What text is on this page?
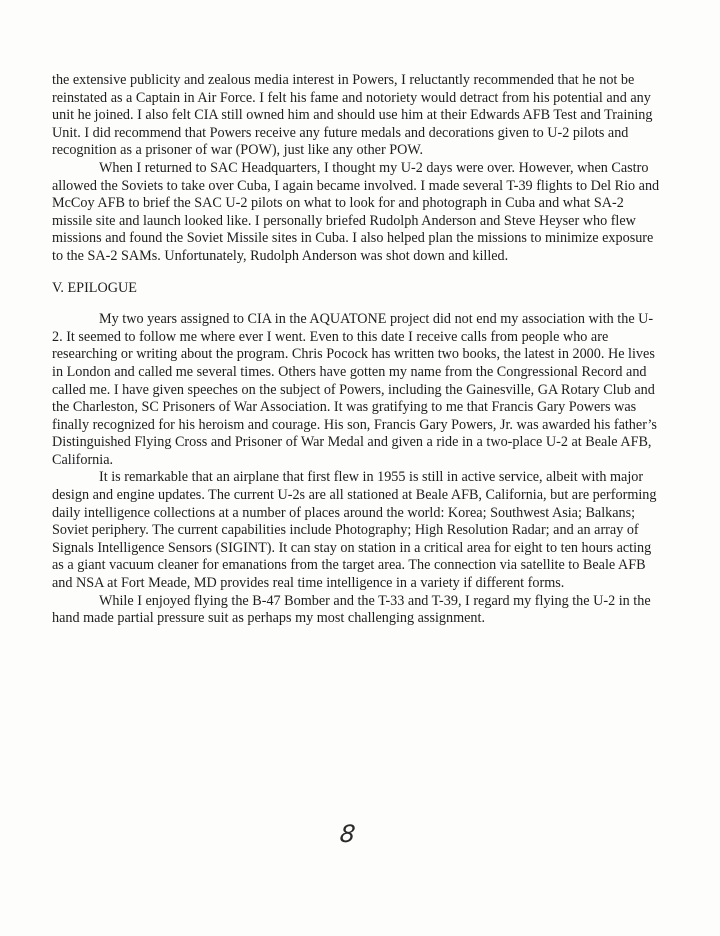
the extensive publicity and zealous media interest in Powers, I reluctantly recommended that he not be reinstated as a Captain in Air Force. I felt his fame and notoriety would detract from his potential and any unit he joined. I also felt CIA still owned him and should use him at their Edwards AFB Test and Training Unit. I did recommend that Powers receive any future medals and decorations given to U-2 pilots and recognition as a prisoner of war (POW), just like any other POW.

When I returned to SAC Headquarters, I thought my U-2 days were over. However, when Castro allowed the Soviets to take over Cuba, I again became involved. I made several T-39 flights to Del Rio and McCoy AFB to brief the SAC U-2 pilots on what to look for and photograph in Cuba and what SA-2 missile site and launch looked like. I personally briefed Rudolph Anderson and Steve Heyser who flew missions and found the Soviet Missile sites in Cuba. I also helped plan the missions to minimize exposure to the SA-2 SAMs. Unfortunately, Rudolph Anderson was shot down and killed.

V. EPILOGUE

My two years assigned to CIA in the AQUATONE project did not end my association with the U-2. It seemed to follow me where ever I went. Even to this date I receive calls from people who are researching or writing about the program. Chris Pocock has written two books, the latest in 2000. He lives in London and called me several times. Others have gotten my name from the Congressional Record and called me. I have given speeches on the subject of Powers, including the Gainesville, GA Rotary Club and the Charleston, SC Prisoners of War Association. It was gratifying to me that Francis Gary Powers was finally recognized for his heroism and courage. His son, Francis Gary Powers, Jr. was awarded his father’s Distinguished Flying Cross and Prisoner of War Medal and given a ride in a two-place U-2 at Beale AFB, California.

It is remarkable that an airplane that first flew in 1955 is still in active service, albeit with major design and engine updates. The current U-2s are all stationed at Beale AFB, California, but are performing daily intelligence collections at a number of places around the world: Korea; Southwest Asia; Balkans; Soviet periphery. The current capabilities include Photography; High Resolution Radar; and an array of Signals Intelligence Sensors (SIGINT). It can stay on station in a critical area for eight to ten hours acting as a giant vacuum cleaner for emanations from the target area. The connection via satellite to Beale AFB and NSA at Fort Meade, MD provides real time intelligence in a variety if different forms.

While I enjoyed flying the B-47 Bomber and the T-33 and T-39, I regard my flying the U-2 in the hand made partial pressure suit as perhaps my most challenging assignment.

8
